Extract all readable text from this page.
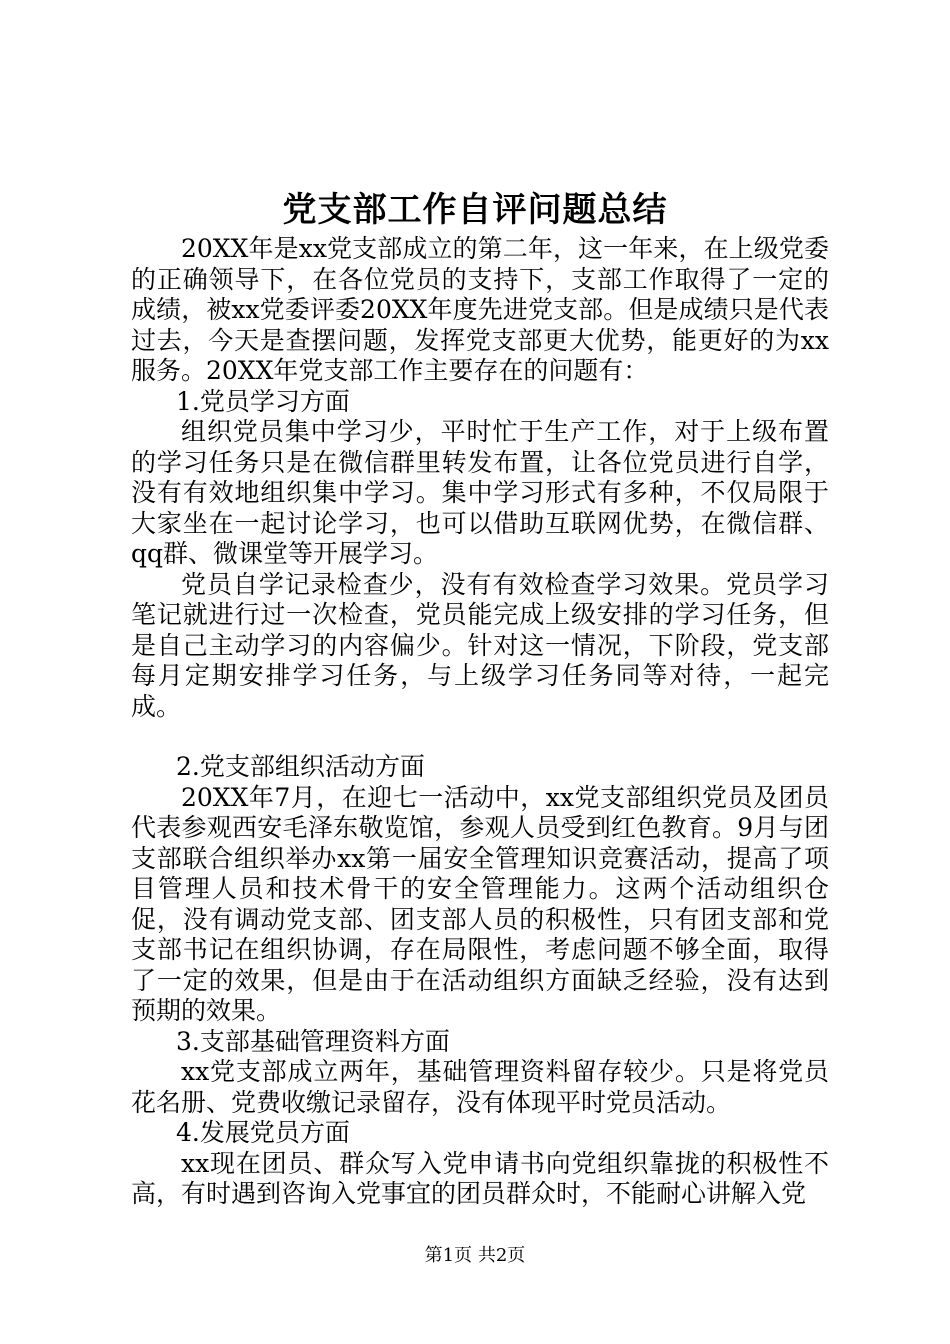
党支部工作自评问题总结

20XX年是xx党支部成立的第二年，这一年来，在上级党委的正确领导下，在各位党员的支持下，支部工作取得了一定的成绩，被xx党委评委20XX年度先进党支部。但是成绩只是代表过去，今天是查摆问题，发挥党支部更大优势，能更好的为xx服务。20XX年党支部工作主要存在的问题有：

1.党员学习方面

组织党员集中学习少，平时忙于生产工作，对于上级布置的学习任务只是在微信群里转发布置，让各位党员进行自学，没有有效地组织集中学习。集中学习形式有多种，不仅局限于大家坐在一起讨论学习，也可以借助互联网优势，在微信群、qq群、微课堂等开展学习。

党员自学记录检查少，没有有效检查学习效果。党员学习笔记就进行过一次检查，党员能完成上级安排的学习任务，但是自己主动学习的内容偏少。针对这一情况，下阶段，党支部每月定期安排学习任务，与上级学习任务同等对待，一起完成。

2.党支部组织活动方面

20XX年7月，在迎七一活动中，xx党支部组织党员及团员代表参观西安毛泽东敬览馆，参观人员受到红色教育。9月与团支部联合组织举办xx第一届安全管理知识竞赛活动，提高了项目管理人员和技术骨干的安全管理能力。这两个活动组织仓促，没有调动党支部、团支部人员的积极性，只有团支部和党支部书记在组织协调，存在局限性，考虑问题不够全面，取得了一定的效果，但是由于在活动组织方面缺乏经验，没有达到预期的效果。

3.支部基础管理资料方面

xx党支部成立两年，基础管理资料留存较少。只是将党员花名册、党费收缴记录留存，没有体现平时党员活动。

4.发展党员方面

xx现在团员、群众写入党申请书向党组织靠拢的积极性不高，有时遇到咨询入党事宜的团员群众时，不能耐心讲解入党

第1页 共2页
